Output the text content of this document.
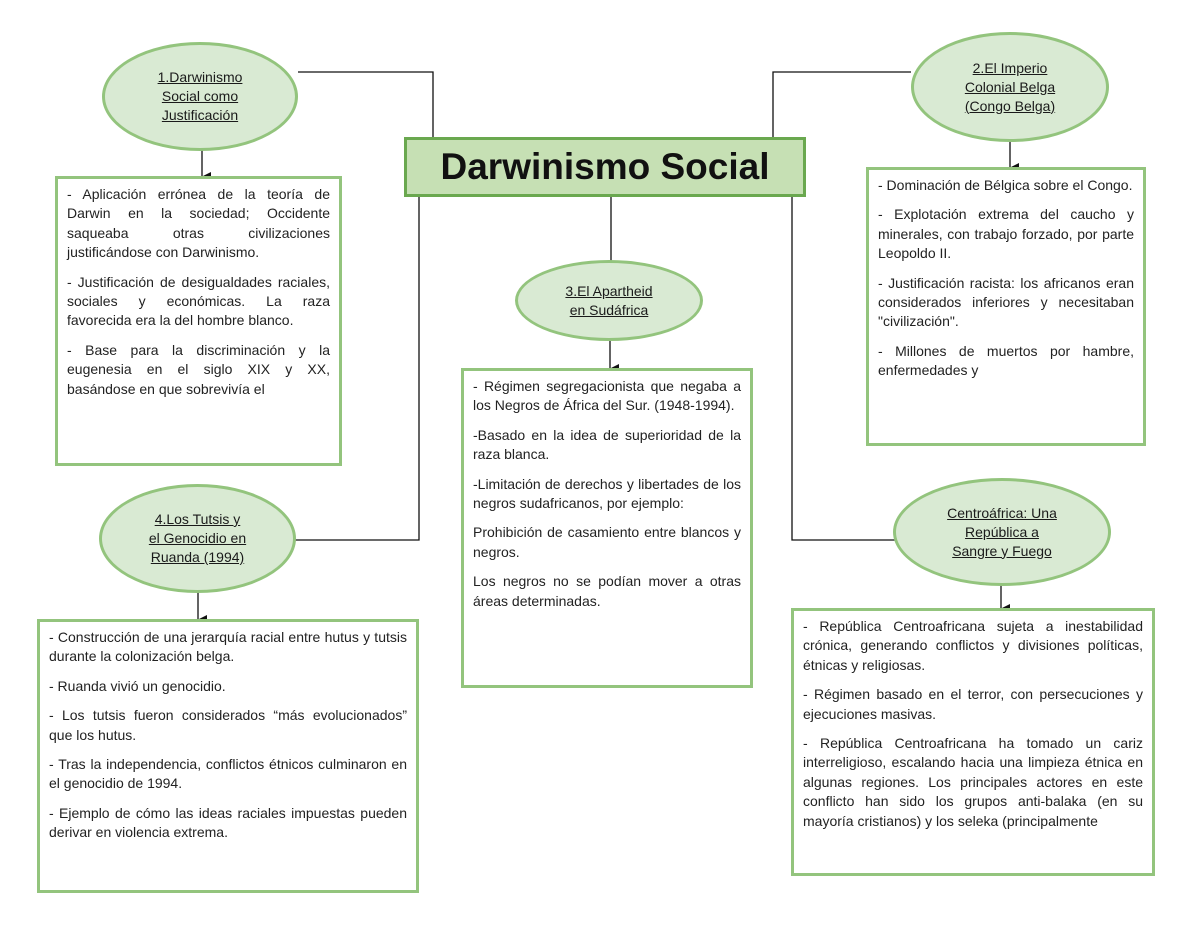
Darwinismo Social
1.Darwinismo
Social como
Justificación

- Aplicación errónea de la teoría de Darwin en la sociedad; Occidente saqueaba otras civilizaciones justificándose con Darwinismo.

- Justificación de desigualdades raciales, sociales y económicas. La raza favorecida era la del hombre blanco.

- Base para la discriminación y la eugenesia en el siglo XIX y XX, basándose en que sobrevivía el

2.El Imperio
Colonial Belga
(Congo Belga)

- Dominación de Bélgica sobre el Congo.

- Explotación extrema del caucho y minerales, con trabajo forzado, por parte Leopoldo II.

- Justificación racista: los africanos eran considerados inferiores y necesitaban "civilización".

- Millones de muertos por hambre, enfermedades y

3.El Apartheid
en Sudáfrica

- Régimen segregacionista que negaba a los Negros de África del Sur. (1948-1994).

-Basado en la idea de superioridad de la raza blanca.

-Limitación de derechos y libertades de los negros sudafricanos, por ejemplo:

Prohibición de casamiento entre blancos y negros.

Los negros no se podían mover a otras áreas determinadas.

4.Los Tutsis y
el Genocidio en
Ruanda (1994)

- Construcción de una jerarquía racial entre hutus y tutsis durante la colonización belga.

- Ruanda vivió un genocidio.

- Los tutsis fueron considerados “más evolucionados” que los hutus.

- Tras la independencia, conflictos étnicos culminaron en el genocidio de 1994.

- Ejemplo de cómo las ideas raciales impuestas pueden derivar en violencia extrema.

Centroáfrica: Una
República a
Sangre y Fuego

- República Centroafricana sujeta a inestabilidad crónica, generando conflictos y divisiones políticas, étnicas y religiosas.

- Régimen basado en el terror, con persecuciones y ejecuciones masivas.

- República Centroafricana ha tomado un cariz interreligioso, escalando hacia una limpieza étnica en algunas regiones. Los principales actores en este conflicto han sido los grupos anti-balaka (en su mayoría cristianos) y los seleka (principalmente
